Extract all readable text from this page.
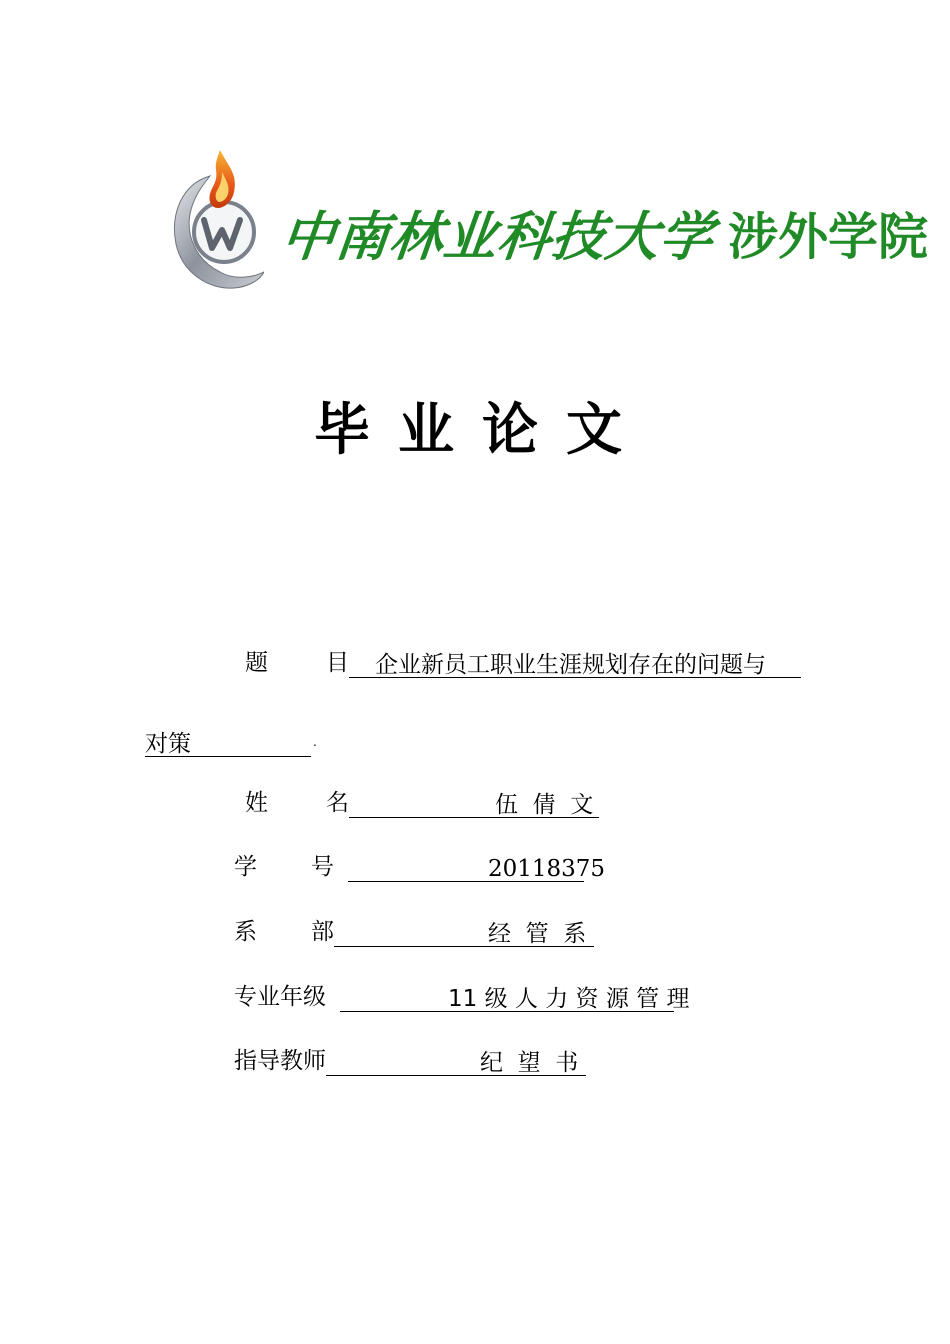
中南林业科技大学 涉外学院
毕业论文
题	目 企业新员工职业生涯规划存在的问题与
对策	.
姓	名	伍  倩  文
学 号	20118375
系 部	经  管  系
专业年级	11 级 人 力 资 源 管 理
指导教师	纪  望  书
